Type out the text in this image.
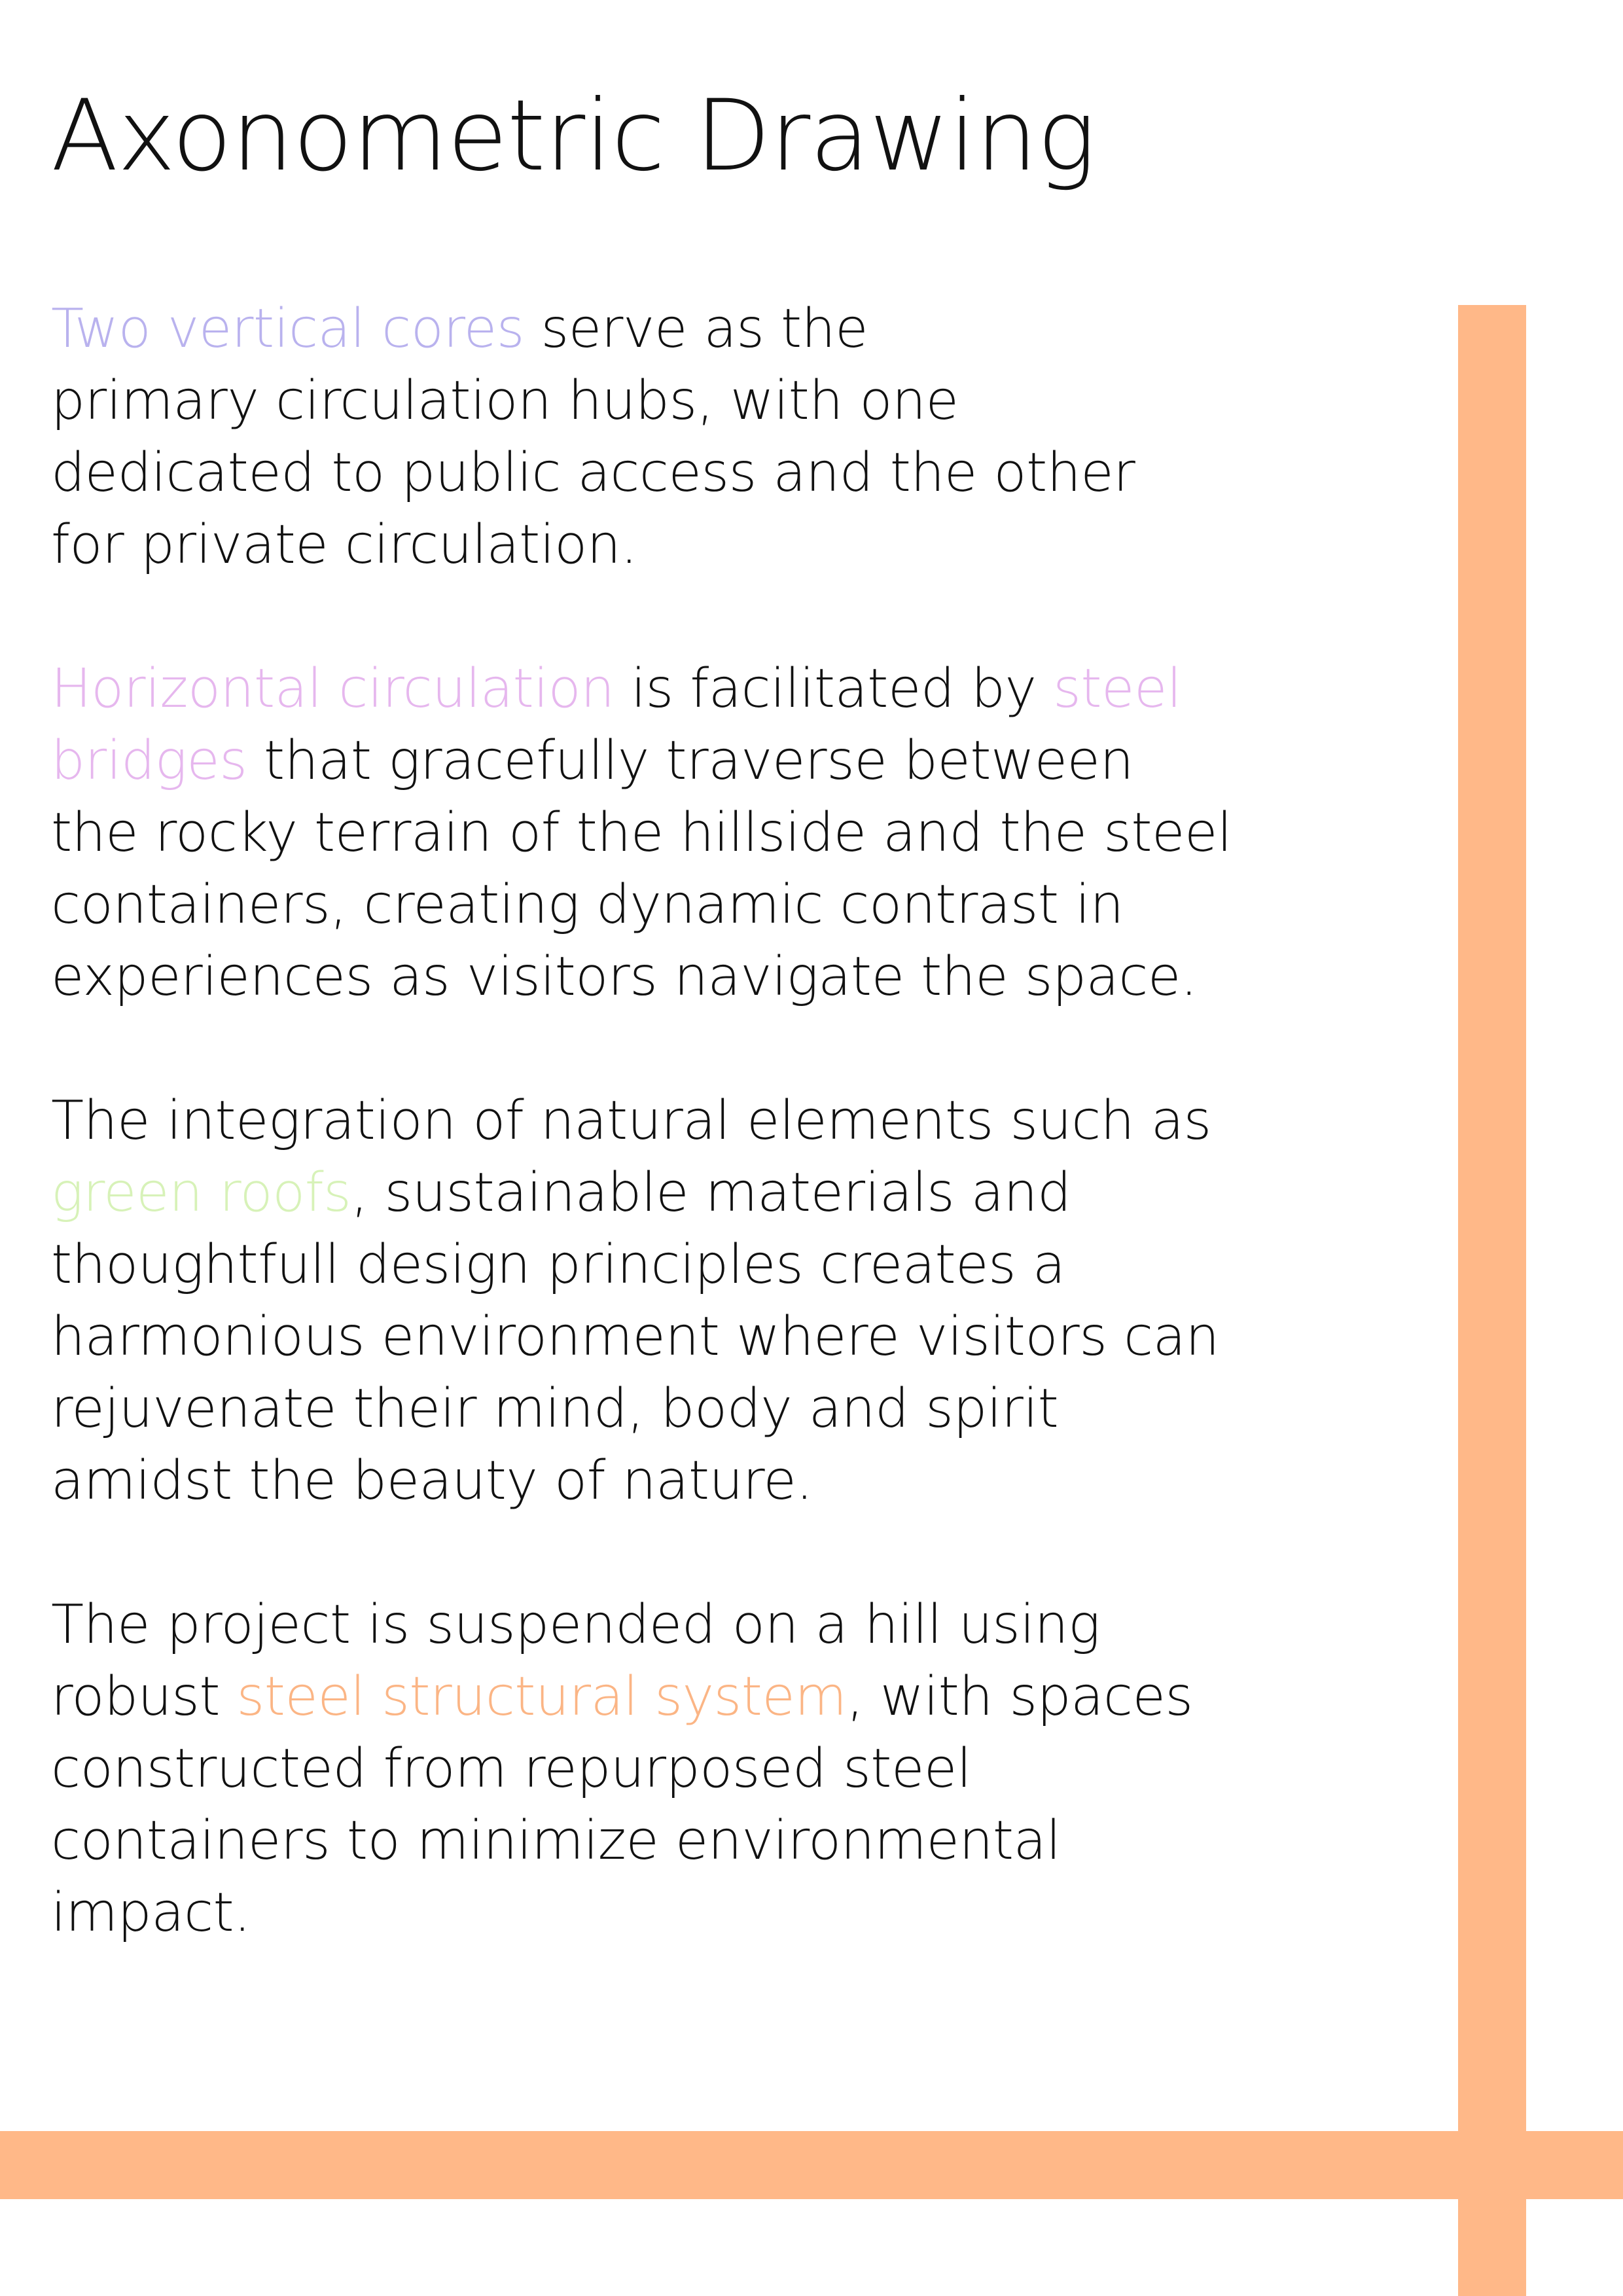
Axonometric Drawing

Two vertical cores serve as the
primary circulation hubs, with one
dedicated to public access and the other
for private circulation.

Horizontal circulation is facilitated by steel
bridges that gracefully traverse between
the rocky terrain of the hillside and the steel
containers, creating dynamic contrast in
experiences as visitors navigate the space.

The integration of natural elements such as
green roofs, sustainable materials and
thoughtfull design principles creates a
harmonious environment where visitors can
rejuvenate their mind, body and spirit
amidst the beauty of nature.

The project is suspended on a hill using
robust steel structural system, with spaces
constructed from repurposed steel
containers to minimize environmental
impact.
